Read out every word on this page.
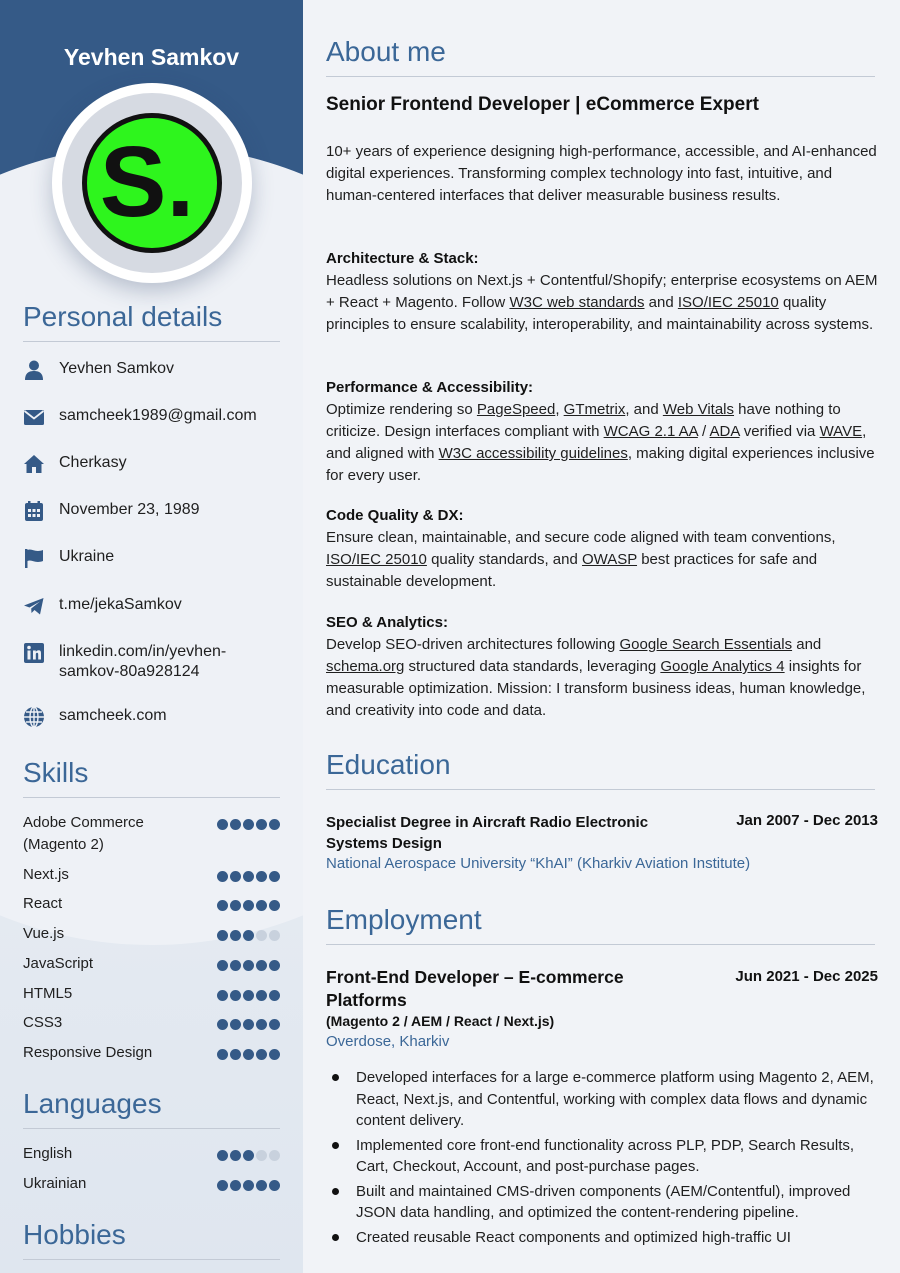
Yevhen Samkov
S.
Personal details
Yevhen Samkov
samcheek1989@gmail.com
Cherkasy
November 23, 1989
Ukraine
t.me/jekaSamkov
linkedin.com/in/yevhen-samkov-80a928124
samcheek.com
Skills
Adobe Commerce (Magento 2)
Next.js
React
Vue.js
JavaScript
HTML5
CSS3
Responsive Design
Languages
English
Ukrainian
Hobbies
About me
Senior Frontend Developer | eCommerce Expert

10+ years of experience designing high-performance, accessible, and AI-enhanced digital experiences. Transforming complex technology into fast, intuitive, and human-centered interfaces that deliver measurable business results.

Architecture & Stack:
Headless solutions on Next.js + Contentful/Shopify; enterprise ecosystems on AEM + React + Magento. Follow W3C web standards and ISO/IEC 25010 quality principles to ensure scalability, interoperability, and maintainability across systems.

Performance & Accessibility:
Optimize rendering so PageSpeed, GTmetrix, and Web Vitals have nothing to criticize. Design interfaces compliant with WCAG 2.1 AA / ADA verified via WAVE, and aligned with W3C accessibility guidelines, making digital experiences inclusive for every user.

Code Quality & DX:
Ensure clean, maintainable, and secure code aligned with team conventions, ISO/IEC 25010 quality standards, and OWASP best practices for safe and sustainable development.

SEO & Analytics:
Develop SEO-driven architectures following Google Search Essentials and schema.org structured data standards, leveraging Google Analytics 4 insights for measurable optimization. Mission: I transform business ideas, human knowledge, and creativity into code and data.

Education
Specialist Degree in Aircraft Radio Electronic Systems Design
Jan 2007 - Dec 2013
National Aerospace University “KhAI” (Kharkiv Aviation Institute)
Employment
Front-End Developer – E-commerce Platforms
Jun 2021 - Dec 2025
(Magento 2 / AEM / React / Next.js)
Overdose, Kharkiv
Developed interfaces for a large e-commerce platform using Magento 2, AEM, React, Next.js, and Contentful, working with complex data flows and dynamic content delivery.
Implemented core front-end functionality across PLP, PDP, Search Results, Cart, Checkout, Account, and post-purchase pages.
Built and maintained CMS-driven components (AEM/Contentful), improved JSON data handling, and optimized the content-rendering pipeline.
Created reusable React components and optimized high-traffic UI
